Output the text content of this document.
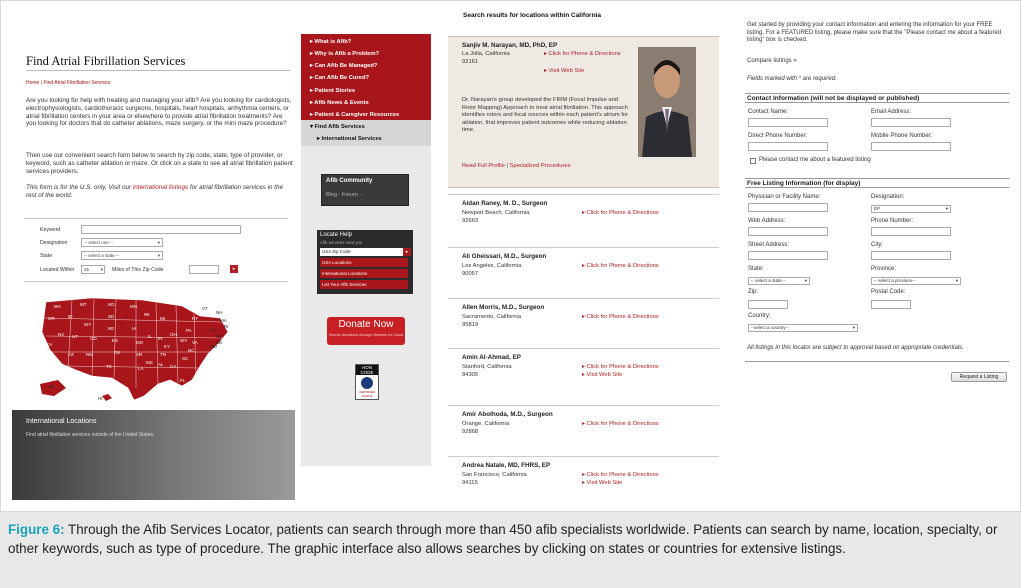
Find Atrial Fibrillation Services
Home | Find Atrial Fibrillation Services
Are you looking for help with treating and managing your afib? Are you looking for cardiologists, electrophysiologists, cardiothoracic surgeons, hospitals, heart hospitals, arrhythmia centers, or atrial fibrillation centers in your area or elsewhere to provide atrial fibrillation treatments? Are you looking for doctors that do catheter ablations, maze surgery, or the mini maze procedure?
Then use our convenient search form below to search by zip code, state, type of provider, or keyword, such as catheter ablation or maze. Or click on a state to see all atrial fibrillation patient services providers.
This form is for the U.S. only. Visit our international listings for atrial fibrillation services in the rest of the world.
Keyword
Designation	-- select one --	▾
State	-- select a state --	▾
Located Within	25	▾ Miles of This Zip Code	▸
WA	MT	ND	MN
OR	ID	SD	WI
WY
NE	IA
CA
NV UT	CO	KS	MO
AZ	NM	OK	AR
TX	LA
AK
HI
VT
NH
MA
RI
CT
NJ
DE
MD
ME
MI	NY
PA
OH
IN
IL
KY
TN
MS AL GA
SC
NC
VA
WV
FL
International Locations
Find atrial fibrillation services outside of the United States.
▸ What is Afib?
▸ Why is Afib a Problem?
▸ Can Afib Be Managed?
▸ Can Afib Be Cured?
▸ Patient Stories
▸ Afib News & Events
▸ Patient & Caregiver Resources
▾ Find Afib Services
▸ International Services
Afib Community
Blog · Forum ·
Locate Help
Afib services near you
USA Zip Code	▸
USA Locations
International Locations
List Your Afib Services
Donate Now
Secure donations through Network for Good
HON CODE
CERTIFIED 01/2011
Search results for locations within California
Sanjiv M. Narayan, MD, PhD, EP
La Jolla, California
92161
▸ Click for Phone & Directions
▸ Visit Web Site
Dr. Narayan's group developed the FIRM (Focal Impulse and Rotor Mapping) Approach to treat atrial fibrillation. This approach identifies rotors and focal sources within each patient's atrium for ablation, that improves patient outcomes while reducing ablation time.
Read Full Profile | Specialized Procedures
Aidan Raney, M. D., Surgeon
Newport Beach, California
92663
▸ Click for Phone & Directions
Ali Gheissari, M.D., Surgeon
Los Angeles, California
90057
▸ Click for Phone & Directions
Allen Morris, M.D., Surgeon
Sacramento, California
95819
▸ Click for Phone & Directions
Amin Al-Ahmad, EP
Stanford, California
94305
▸ Click for Phone & Directions
▸ Visit Web Site
Amir Abolhoda, M.D., Surgeon
Orange, California
92868
▸ Click for Phone & Directions
Andrea Natale, MD, FHRS, EP
San Francisco, California
94115
▸ Click for Phone & Directions
▸ Visit Web Site
Get started by providing your contact information and entering the information for your FREE listing. For a FEATURED listing, please make sure that the "Please contact me about a featured listing" box is checked.
Compare listings »
Fields marked with * are required.
Contact Information (will not be displayed or published)
Contact Name:	Email Address:
Direct Phone Number:	Mobile Phone Number:
Please contact me about a featured listing
Free Listing Information (for display)
Physician or Facility Name:	Designation:
EP	▾
Web Address:	Phone Number:
Street Address:	City:
State:
-- select a state --	▾
Province:
-- select a province--	▾
Zip:	Postal Code:
Country:
--select a country--	▾
All listings in this locator are subject to approval based on appropriate credentials.
Request a Listing
Figure 6: Through the Afib Services Locator, patients can search through more than 450 afib specialists worldwide. Patients can search by name, location, specialty, or other keywords, such as type of procedure. The graphic interface also allows searches by clicking on states or countries for extensive listings.
